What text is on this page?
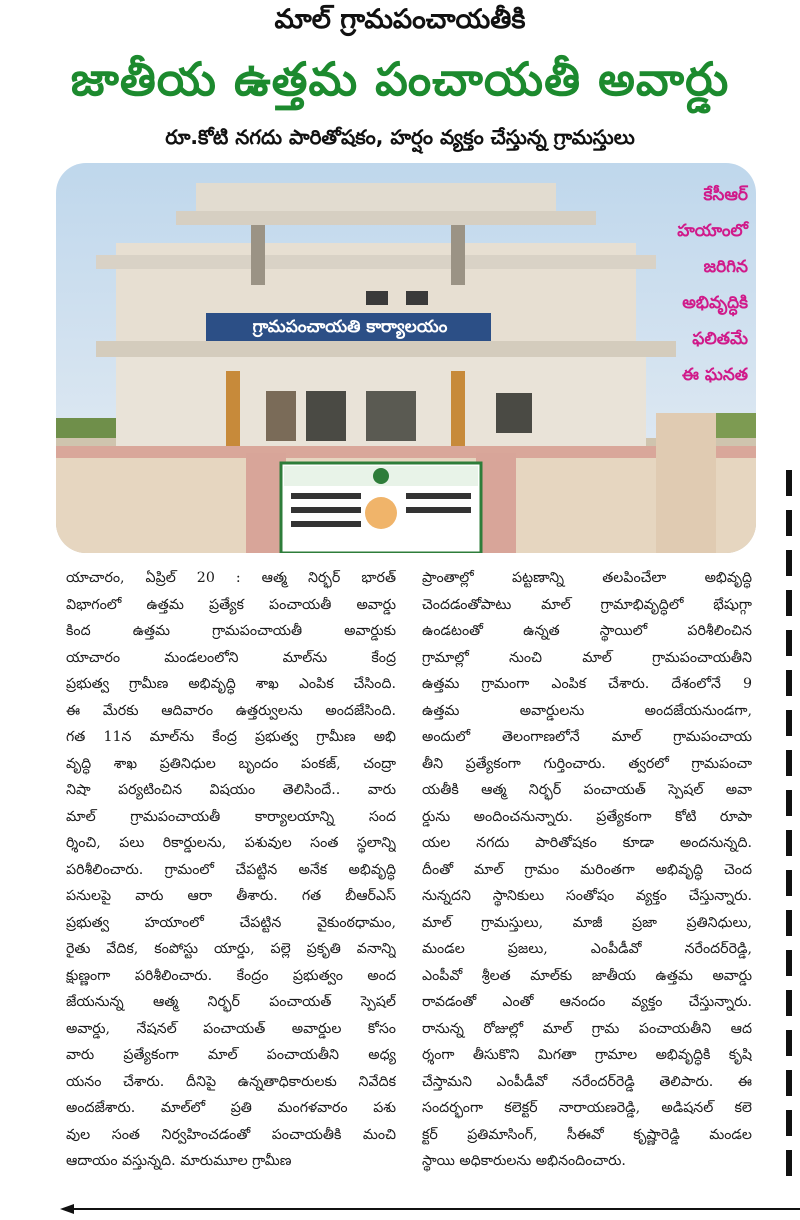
మాల్ గ్రామపంచాయతీకి
జాతీయ ఉత్తమ పంచాయతీ అవార్డు
రూ.కోటి నగదు పారితోషకం, హర్షం వ్యక్తం చేస్తున్న గ్రామస్తులు
గ్రామపంచాయతి కార్యాలయం
కేసీఆర్
హయాంలో
జరిగిన
అభివృద్ధికి
ఫలితమే
ఈ ఘనత
యాచారం, ఏప్రిల్ 20 : ఆత్మ నిర్భర్ భారత్
విభాగంలో ఉత్తమ ప్రత్యేక పంచాయతీ అవార్డు
కింద ఉత్తమ గ్రామపంచాయతీ అవార్డుకు
యాచారం మండలంలోని మాల్‌ను కేంద్ర
ప్రభుత్వ గ్రామీణ అభివృద్ధి శాఖ ఎంపిక చేసింది.
ఈ మేరకు ఆదివారం ఉత్తర్వులను అందజేసింది.
గత 11న మాల్‌ను కేంద్ర ప్రభుత్వ గ్రామీణ అభి
వృద్ధి శాఖ ప్రతినిధుల బృందం పంకజ్, చంద్రా
నిషా పర్యటించిన విషయం తెలిసిందే.. వారు
మాల్ గ్రామపంచాయతీ కార్యాలయాన్ని సంద
ర్శించి, పలు రికార్డులను, పశువుల సంత స్థలాన్ని
పరిశీలించారు. గ్రామంలో చేపట్టిన అనేక అభివృద్ధి
పనులపై వారు ఆరా తీశారు. గత బీఆర్ఎస్
ప్రభుత్వ హయాంలో చేపట్టిన వైకుంఠధామం,
రైతు వేదిక, కంపోస్టు యార్డు, పల్లె ప్రకృతి వనాన్ని
క్షుణ్ణంగా పరిశీలించారు. కేంద్రం ప్రభుత్వం అంద
జేయనున్న ఆత్మ నిర్భర్ పంచాయత్ స్పెషల్
అవార్డు, నేషనల్ పంచాయత్ అవార్డుల కోసం
వారు ప్రత్యేకంగా మాల్ పంచాయతీని అధ్య
యనం చేశారు. దీనిపై ఉన్నతాధికారులకు నివేదిక
అందజేశారు. మాల్‌లో ప్రతి మంగళవారం పశు
వుల సంత నిర్వహించడంతో పంచాయతీకి మంచి
ఆదాయం వస్తున్నది. మారుమూల గ్రామీణ
ప్రాంతాల్లో పట్టణాన్ని తలపించేలా అభివృద్ధి
చెందడంతోపాటు మాల్ గ్రామాభివృద్ధిలో భేషుగ్గా
ఉండటంతో ఉన్నత స్థాయిలో పరిశీలించిన
గ్రామాల్లో నుంచి మాల్ గ్రామపంచాయతీని
ఉత్తమ గ్రామంగా ఎంపిక చేశారు. దేశంలోనే 9
ఉత్తమ అవార్డులను అందజేయనుండగా,
అందులో తెలంగాణలోనే మాల్ గ్రామపంచాయ
తీని ప్రత్యేకంగా గుర్తించారు. త్వరలో గ్రామపంచా
యతీకి ఆత్మ నిర్భర్ పంచాయత్ స్పెషల్ అవా
ర్డును అందించనున్నారు. ప్రత్యేకంగా కోటి రూపా
యల నగదు పారితోషకం కూడా అందనున్నది.
దీంతో మాల్ గ్రామం మరింతగా అభివృద్ధి చెంద
నున్నదని స్థానికులు సంతోషం వ్యక్తం చేస్తున్నారు.
మాల్ గ్రామస్తులు, మాజీ ప్రజా ప్రతినిధులు,
మండల ప్రజలు, ఎంపీడీవో నరేందర్‌రెడ్డి,
ఎంపీవో శ్రీలత మాల్‌కు జాతీయ ఉత్తమ అవార్డు
రావడంతో ఎంతో ఆనందం వ్యక్తం చేస్తున్నారు.
రానున్న రోజుల్లో మాల్ గ్రామ పంచాయతీని ఆద
ర్శంగా తీసుకొని మిగతా గ్రామాల అభివృద్ధికి కృషి
చేస్తామని ఎంపీడీవో నరేందర్‌రెడ్డి తెలిపారు. ఈ
సందర్భంగా కలెక్టర్ నారాయణరెడ్డి, అడిషనల్ కలె
క్టర్ ప్రతిమాసింగ్, సీఈవో కృష్ణారెడ్డి మండల
స్థాయి అధికారులను అభినందించారు.
